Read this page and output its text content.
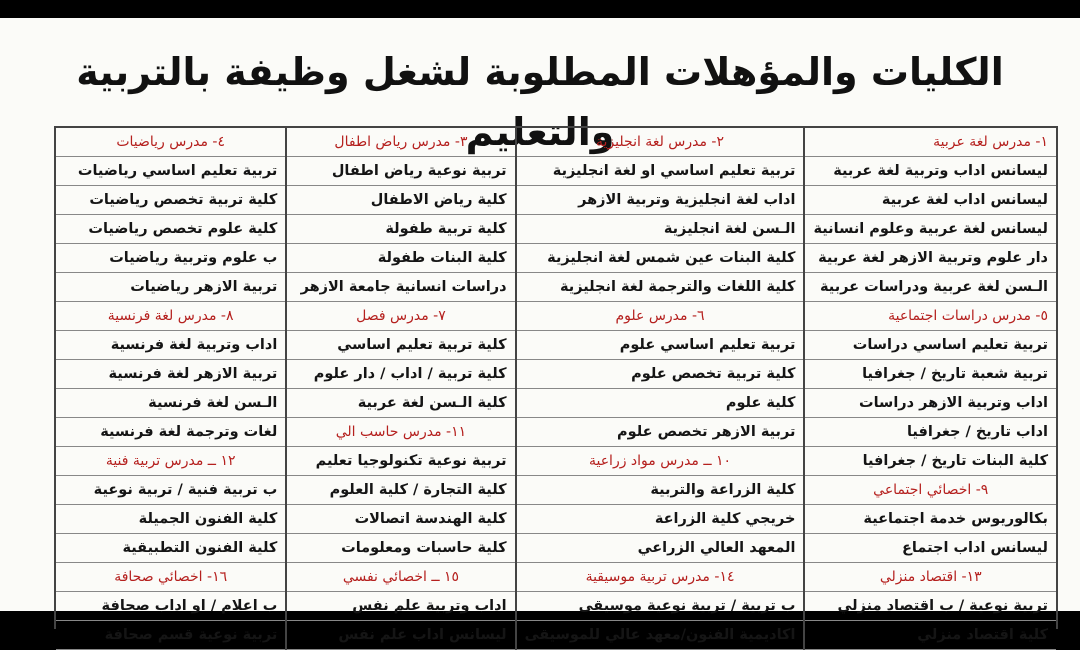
الكليات والمؤهلات المطلوبة لشغل وظيفة بالتربية والتعليم	١- مدرس لغة عربية
ليسانس اداب وتربية لغة عربية
ليسانس اداب لغة عربية
ليسانس لغة عربية وعلوم انسانية
دار علوم وتربية الازهر لغة عربية
الـسن لغة عربية ودراسات عربية
٥- مدرس دراسات اجتماعية
تربية تعليم اساسي دراسات
تربية شعبة تاريخ / جغرافيا
اداب وتربية الازهر دراسات
اداب تاريخ / جغرافيا
كلية البنات تاريخ / جغرافيا
٩- اخصائي اجتماعي
بكالوريوس خدمة اجتماعية
ليسانس اداب اجتماع
١٣- اقتصاد منزلي
تربية نوعية / ب اقتصاد منزلي
كلية اقتصاد منزلي
٢- مدرس لغة انجليزية
تربية تعليم اساسي او لغة انجليزية
اداب لغة انجليزية وتربية الازهر
الـسن لغة انجليزية
كلية البنات عين شمس لغة انجليزية
كلية اللغات والترجمة لغة انجليزية
٦- مدرس علوم
تربية تعليم اساسي علوم
كلية تربية تخصص علوم
كلية علوم
تربية الازهر تخصص علوم
١٠ ــ مدرس مواد زراعية
كلية الزراعة والتربية
خريجي كلية الزراعة
المعهد العالي الزراعي
١٤- مدرس تربية موسيقية
ب تربية / تربية نوعية موسيقى
اكاديمية الفنون/معهد عالي للموسيقى
٣- مدرس رياض اطفال
تربية نوعية رياض اطفال
كلية رياض الاطفال
كلية تربية طفولة
كلية البنات طفولة
دراسات انسانية جامعة الازهر
٧- مدرس فصل
كلية تربية تعليم اساسي
كلية تربية / اداب / دار علوم
كلية الـسن لغة عربية
١١- مدرس حاسب الي
تربية نوعية تكنولوجيا تعليم
كلية التجارة / كلية العلوم
كلية الهندسة اتصالات
كلية حاسبات ومعلومات
١٥ ــ اخصائي نفسي
اداب وتربية علم نفس
ليسانس اداب علم نفس
٤- مدرس رياضيات
تربية تعليم اساسي رياضيات
كلية تربية تخصص رياضيات
كلية علوم تخصص رياضيات
ب علوم وتربية رياضيات
تربية الازهر رياضيات
٨- مدرس لغة فرنسية
اداب وتربية لغة فرنسية
تربية الازهر لغة فرنسية
الـسن لغة فرنسية
لغات وترجمة لغة فرنسية
١٢ ــ مدرس تربية فنية
ب تربية فنية / تربية نوعية
كلية الفنون الجميلة
كلية الفنون التطبيقية
١٦- اخصائي صحافة
ب اعلام / او اداب صحافة
تربية نوعية قسم صحافة
